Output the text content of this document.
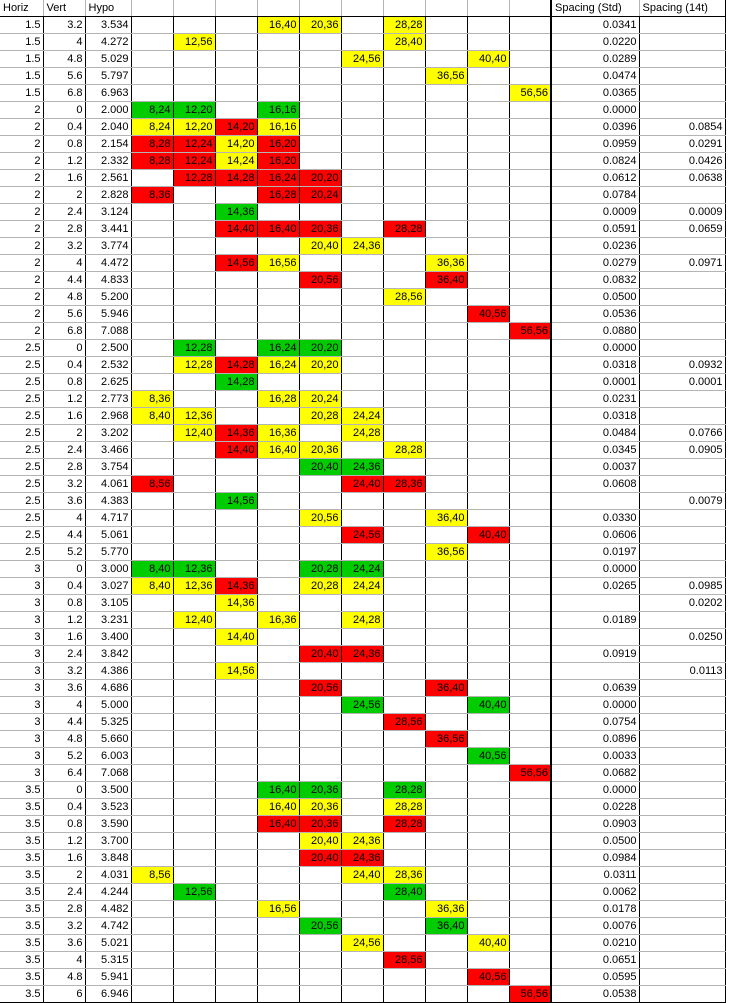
Horiz	Vert	Hypo											Spacing (Std)	Spacing (14t)
1.5	3.2	3.534				16,40	20,36		28,28				0.0341	
1.5	4	4.272		12,56					28,40				0.0220	
1.5	4.8	5.029						24,56			40,40		0.0289	
1.5	5.6	5.797								36,56			0.0474	
1.5	6.8	6.963										56,56	0.0365	
2	0	2.000	8,24	12,20		16,16							0.0000	
2	0.4	2.040	8,24	12,20	14,20	16,16							0.0396	0.0854
2	0.8	2.154	8,28	12,24	14,20	16,20							0.0959	0.0291
2	1.2	2.332	8,28	12,24	14,24	16,20							0.0824	0.0426
2	1.6	2.561		12,28	14,28	16,24	20,20						0.0612	0.0638
2	2	2.828	8,36			16,28	20,24						0.0784	
2	2.4	3.124			14,36								0.0009	0.0009
2	2.8	3.441			14,40	16,40	20,36		28,28				0.0591	0.0659
2	3.2	3.774					20,40	24,36					0.0236	
2	4	4.472			14,56	16,56				36,36			0.0279	0.0971
2	4.4	4.833					20,56			36,40			0.0832	
2	4.8	5.200							28,56				0.0500	
2	5.6	5.946									40,56		0.0536	
2	6.8	7.088										56,56	0.0880	
2.5	0	2.500		12,28		16,24	20,20						0.0000	
2.5	0.4	2.532		12,28	14,28	16,24	20,20						0.0318	0.0932
2.5	0.8	2.625			14,28								0.0001	0.0001
2.5	1.2	2.773	8,36			16,28	20,24						0.0231	
2.5	1.6	2.968	8,40	12,36			20,28	24,24					0.0318	
2.5	2	3.202		12,40	14,36	16,36		24,28					0.0484	0.0766
2.5	2.4	3.466			14,40	16,40	20,36		28,28				0.0345	0.0905
2.5	2.8	3.754					20,40	24,36					0.0037	
2.5	3.2	4.061	8,56					24,40	28,36				0.0608	
2.5	3.6	4.383			14,56									0.0079
2.5	4	4.717					20,56			36,40			0.0330	
2.5	4.4	5.061						24,56			40,40		0.0606	
2.5	5.2	5.770								36,56			0.0197	
3	0	3.000	8,40	12,36			20,28	24,24					0.0000	
3	0.4	3.027	8,40	12,36	14,36		20,28	24,24					0.0265	0.0985
3	0.8	3.105			14,36									0.0202
3	1.2	3.231		12,40		16,36		24,28					0.0189	
3	1.6	3.400			14,40									0.0250
3	2.4	3.842					20,40	24,36					0.0919	
3	3.2	4.386			14,56									0.0113
3	3.6	4.686					20,56			36,40			0.0639	
3	4	5.000						24,56			40,40		0.0000	
3	4.4	5.325							28,56				0.0754	
3	4.8	5.660								36,56			0.0896	
3	5.2	6.003									40,56		0.0033	
3	6.4	7.068										56,56	0.0682	
3.5	0	3.500				16,40	20,36		28,28				0.0000	
3.5	0.4	3.523				16,40	20,36		28,28				0.0228	
3.5	0.8	3.590				16,40	20,36		28,28				0.0903	
3.5	1.2	3.700					20,40	24,36					0.0500	
3.5	1.6	3.848					20,40	24,36					0.0984	
3.5	2	4.031	8,56					24,40	28,36				0.0311	
3.5	2.4	4.244		12,56					28,40				0.0062	
3.5	2.8	4.482				16,56				36,36			0.0178	
3.5	3.2	4.742					20,56			36,40			0.0076	
3.5	3.6	5.021						24,56			40,40		0.0210	
3.5	4	5.315							28,56				0.0651	
3.5	4.8	5.941									40,56		0.0595	
3.5	6	6.946										56,56	0.0538	
